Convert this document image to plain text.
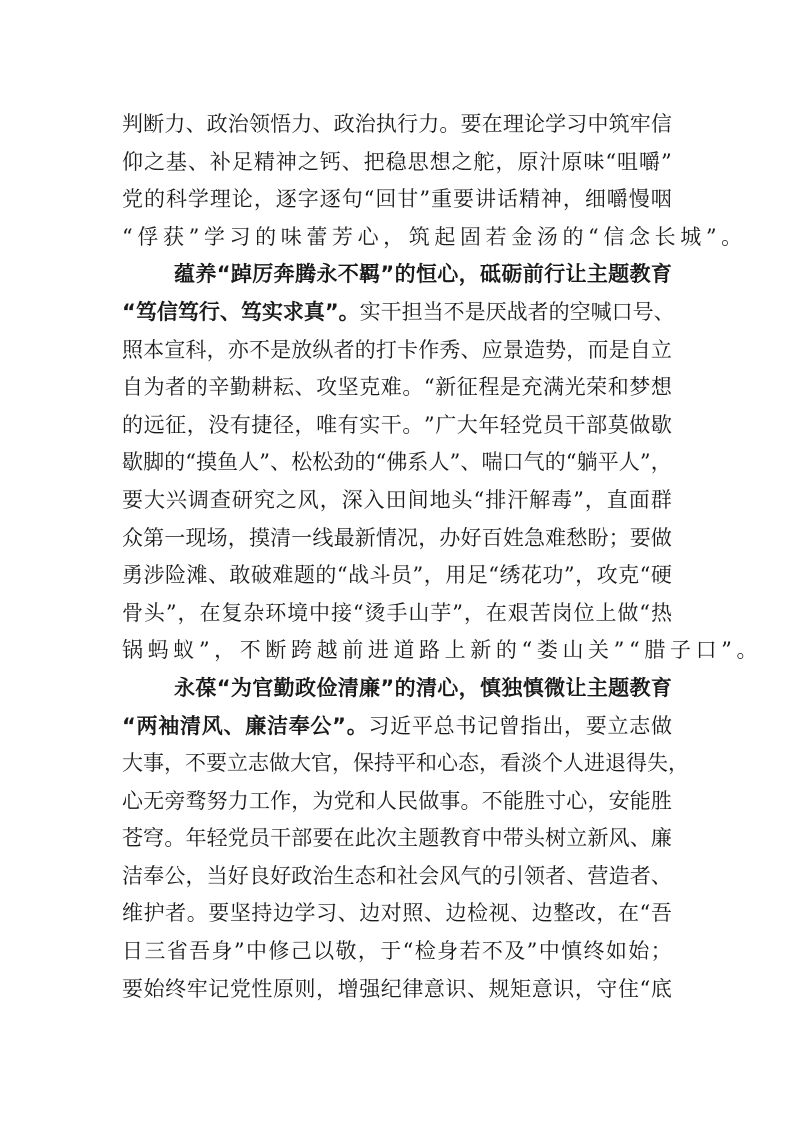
判 断 力 、 政 治 领 悟 力 、 政 治 执 行 力 。 要 在 理 论 学 习 中 筑 牢 信
仰 之 基 、 补 足 精 神 之 钙 、 把 稳 思 想 之 舵 ， 原 汁 原 味 “ 咀 嚼 ”
党 的 科 学 理 论 ， 逐 字 逐 句 “ 回 甘 ” 重 要 讲 话 精 神 ， 细 嚼 慢 咽
“ 俘 获 ” 学 习 的 味 蕾 芳 心 ， 筑 起 固 若 金 汤 的 “ 信 念 长 城 ” 。
蕴 养 “ 踔 厉 奔 腾 永 不 羁 ” 的 恒 心 ， 砥 砺 前 行 让 主 题 教 育
“ 笃 信 笃 行 、 笃 实 求 真 ” 。 实 干 担 当 不 是 厌 战 者 的 空 喊 口 号 、
照 本 宣 科 ， 亦 不 是 放 纵 者 的 打 卡 作 秀 、 应 景 造 势 ， 而 是 自 立
自 为 者 的 辛 勤 耕 耘 、 攻 坚 克 难 。 “ 新 征 程 是 充 满 光 荣 和 梦 想
的 远 征 ， 没 有 捷 径 ， 唯 有 实 干 。 ” 广 大 年 轻 党 员 干 部 莫 做 歇
歇 脚 的 “ 摸 鱼 人 ” 、 松 松 劲 的 “ 佛 系 人 ” 、 喘 口 气 的 “ 躺 平 人 ” ，
要 大 兴 调 查 研 究 之 风 ， 深 入 田 间 地 头 “ 排 汗 解 毒 ” ， 直 面 群
众 第 一 现 场 ， 摸 清 一 线 最 新 情 况 ， 办 好 百 姓 急 难 愁 盼 ； 要 做
勇 涉 险 滩 、 敢 破 难 题 的 “ 战 斗 员 ” ， 用 足 “ 绣 花 功 ” ， 攻 克 “ 硬
骨 头 ” ， 在 复 杂 环 境 中 接 “ 烫 手 山 芋 ” ， 在 艰 苦 岗 位 上 做 “ 热
锅 蚂 蚁 ” ， 不 断 跨 越 前 进 道 路 上 新 的 “ 娄 山 关 ” “ 腊 子 口 ” 。
永 葆 “ 为 官 勤 政 俭 清 廉 ” 的 清 心 ， 慎 独 慎 微 让 主 题 教 育
“ 两 袖 清 风 、 廉 洁 奉 公 ” 。 习 近 平 总 书 记 曾 指 出 ， 要 立 志 做
大 事 ， 不 要 立 志 做 大 官 ， 保 持 平 和 心 态 ， 看 淡 个 人 进 退 得 失 ，
心 无 旁 骛 努 力 工 作 ， 为 党 和 人 民 做 事 。 不 能 胜 寸 心 ， 安 能 胜
苍 穹 。 年 轻 党 员 干 部 要 在 此 次 主 题 教 育 中 带 头 树 立 新 风 、 廉
洁 奉 公 ， 当 好 良 好 政 治 生 态 和 社 会 风 气 的 引 领 者 、 营 造 者 、
维 护 者 。 要 坚 持 边 学 习 、 边 对 照 、 边 检 视 、 边 整 改 ， 在 “ 吾
日 三 省 吾 身 ” 中 修 己 以 敬 ， 于 “ 检 身 若 不 及 ” 中 慎 终 如 始 ；
要 始 终 牢 记 党 性 原 则 ， 增 强 纪 律 意 识 、 规 矩 意 识 ， 守 住 “ 底
